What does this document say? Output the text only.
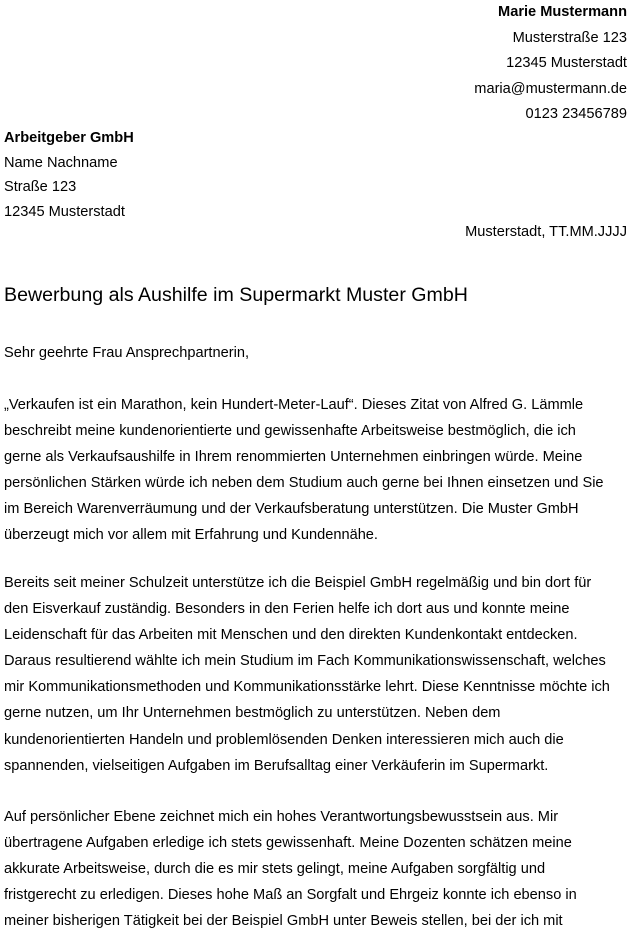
Marie Mustermann
Musterstraße 123
12345 Musterstadt
maria@mustermann.de
0123 23456789
Arbeitgeber GmbH
Name Nachname
Straße 123
12345 Musterstadt
Musterstadt, TT.MM.JJJJ
Bewerbung als Aushilfe im Supermarkt Muster GmbH
Sehr geehrte Frau Ansprechpartnerin,
„Verkaufen ist ein Marathon, kein Hundert-Meter-Lauf“. Dieses Zitat von Alfred G. Lämmle
beschreibt meine kundenorientierte und gewissenhafte Arbeitsweise bestmöglich, die ich
gerne als Verkaufsaushilfe in Ihrem renommierten Unternehmen einbringen würde. Meine
persönlichen Stärken würde ich neben dem Studium auch gerne bei Ihnen einsetzen und Sie
im Bereich Warenverräumung und der Verkaufsberatung unterstützen. Die Muster GmbH
überzeugt mich vor allem mit Erfahrung und Kundennähe.
Bereits seit meiner Schulzeit unterstütze ich die Beispiel GmbH regelmäßig und bin dort für
den Eisverkauf zuständig. Besonders in den Ferien helfe ich dort aus und konnte meine
Leidenschaft für das Arbeiten mit Menschen und den direkten Kundenkontakt entdecken.
Daraus resultierend wählte ich mein Studium im Fach Kommunikationswissenschaft, welches
mir Kommunikationsmethoden und Kommunikationsstärke lehrt. Diese Kenntnisse möchte ich
gerne nutzen, um Ihr Unternehmen bestmöglich zu unterstützen. Neben dem
kundenorientierten Handeln und problemlösenden Denken interessieren mich auch die
spannenden, vielseitigen Aufgaben im Berufsalltag einer Verkäuferin im Supermarkt.
Auf persönlicher Ebene zeichnet mich ein hohes Verantwortungsbewusstsein aus. Mir
übertragene Aufgaben erledige ich stets gewissenhaft. Meine Dozenten schätzen meine
akkurate Arbeitsweise, durch die es mir stets gelingt, meine Aufgaben sorgfältig und
fristgerecht zu erledigen. Dieses hohe Maß an Sorgfalt und Ehrgeiz konnte ich ebenso in
meiner bisherigen Tätigkeit bei der Beispiel GmbH unter Beweis stellen, bei der ich mit
